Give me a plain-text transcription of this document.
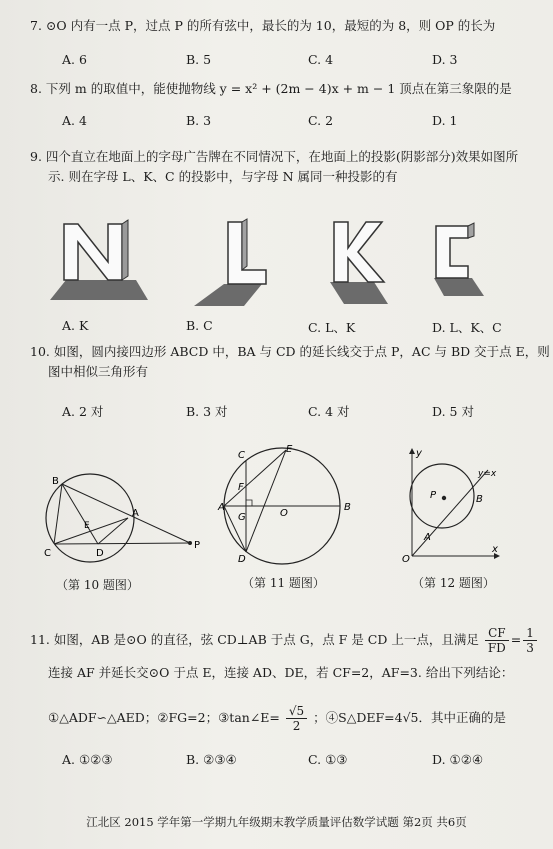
7. ⊙O 内有一点 P，过点 P 的所有弦中，最长的为 10，最短的为 8，则 OP 的长为
A. 6	B. 5	C. 4	D. 3
8. 下列 m 的取值中，能使抛物线 y = x² + (2m − 4)x + m − 1 顶点在第三象限的是
A. 4	B. 3	C. 2	D. 1
9. 四个直立在地面上的字母广告牌在不同情况下，在地面上的投影(阴影部分)效果如图所
示. 则在字母 L、K、C 的投影中，与字母 N 属同一种投影的有
A. K	B. C	C. L、K	D. L、K、C
10. 如图，圆内接四边形 ABCD 中，BA 与 CD 的延长线交于点 P，AC 与 BD 交于点 E，则
图中相似三角形有
A. 2 对	B. 3 对	C. 4 对	D. 5 对
B
A
E
C	D
P
（第 10 题图）
C
E
F
A
G	O
B
D
（第 11 题图）
y
y=x
P	B
A
O
x
（第 12 题图）
11. 如图，AB 是⊙O 的直径，弦 CD⊥AB 于点 G，点 F 是 CD 上一点，且满足 $\frac{CF}{FD} = \frac{1}{3}$
连接 AF 并延长交⊙O 于点 E，连接 AD、DE，若 CF=2，AF=3. 给出下列结论：
①△ADF∽△AED；②FG=2；③tan∠E= $\frac{√5}{2}$ ；④S△DEF=4√5．其中正确的是
A. ①②③	B. ②③④	C. ①③	D. ①②④
江北区 2015 学年第一学期九年级期末教学质量评估数学试题 第2页 共6页
